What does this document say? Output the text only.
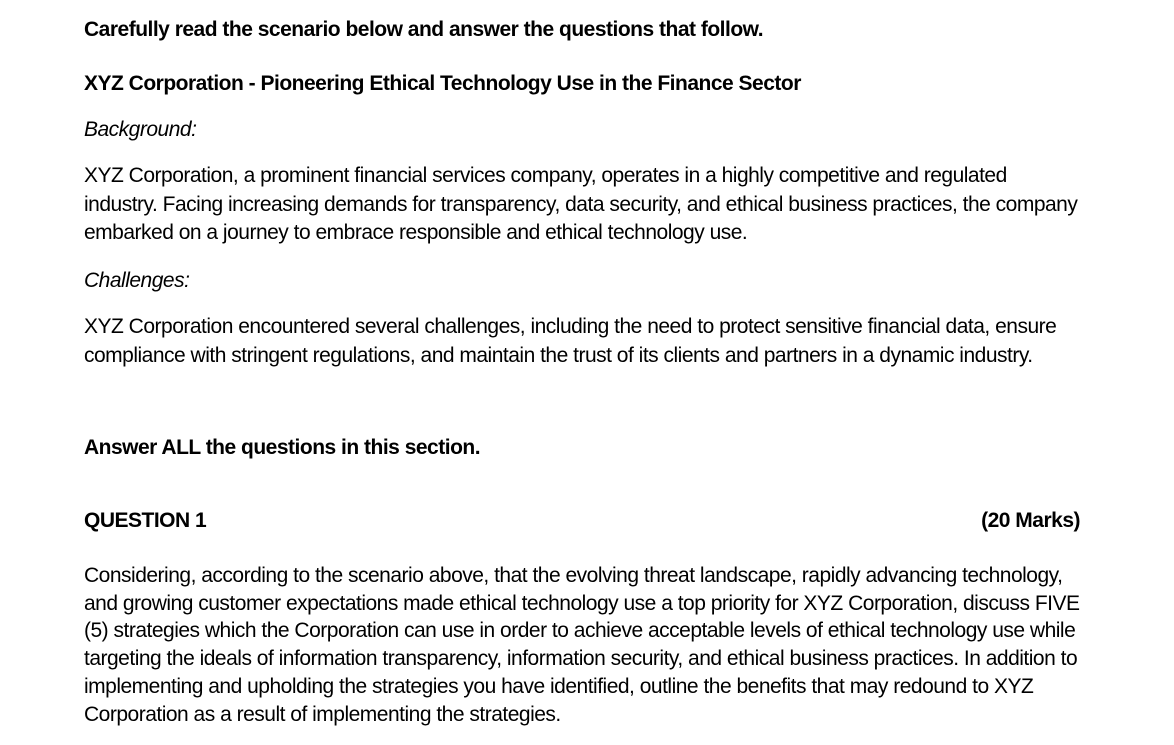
Carefully read the scenario below and answer the questions that follow.
XYZ Corporation - Pioneering Ethical Technology Use in the Finance Sector
Background:
XYZ Corporation, a prominent financial services company, operates in a highly competitive and regulated
industry. Facing increasing demands for transparency, data security, and ethical business practices, the company
embarked on a journey to embrace responsible and ethical technology use.
Challenges:
XYZ Corporation encountered several challenges, including the need to protect sensitive financial data, ensure
compliance with stringent regulations, and maintain the trust of its clients and partners in a dynamic industry.
Answer ALL the questions in this section.
QUESTION 1	(20 Marks)
Considering, according to the scenario above, that the evolving threat landscape, rapidly advancing technology,
and growing customer expectations made ethical technology use a top priority for XYZ Corporation, discuss FIVE
(5) strategies which the Corporation can use in order to achieve acceptable levels of ethical technology use while
targeting the ideals of information transparency, information security, and ethical business practices. In addition to
implementing and upholding the strategies you have identified, outline the benefits that may redound to XYZ
Corporation as a result of implementing the strategies.
